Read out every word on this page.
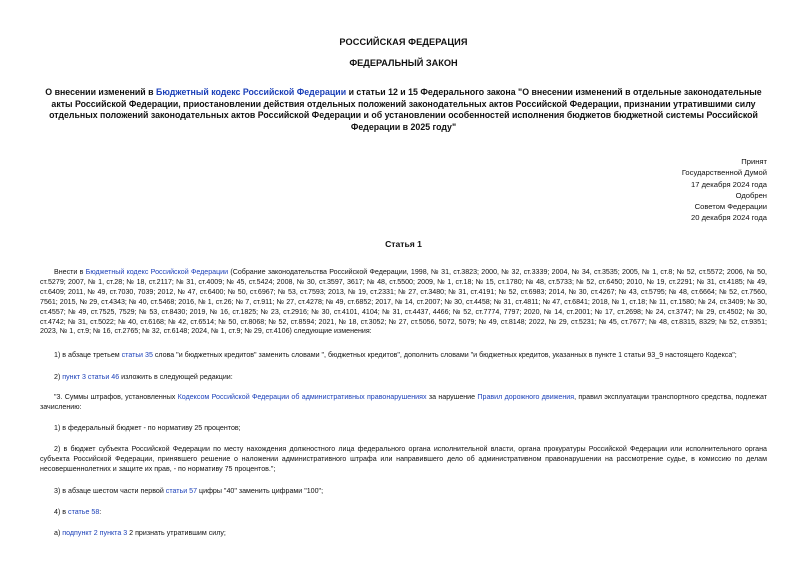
РОССИЙСКАЯ ФЕДЕРАЦИЯ
ФЕДЕРАЛЬНЫЙ ЗАКОН
О внесении изменений в Бюджетный кодекс Российской Федерации и статьи 12 и 15 Федерального закона "О внесении изменений в отдельные законодательные акты Российской Федерации, приостановлении действия отдельных положений законодательных актов Российской Федерации, признании утратившими силу отдельных положений законодательных актов Российской Федерации и об установлении особенностей исполнения бюджетов бюджетной системы Российской Федерации в 2025 году"
Принят
Государственной Думой
17 декабря 2024 года
Одобрен
Советом Федерации
20 декабря 2024 года
Статья 1
Внести в Бюджетный кодекс Российской Федерации (Собрание законодательства Российской Федерации, 1998, № 31, ст.3823; 2000, № 32, ст.3339; 2004, № 34, ст.3535; 2005, № 1, ст.8; № 52, ст.5572; 2006, № 50, ст.5279; 2007, № 1, ст.28; № 18, ст.2117; № 31, ст.4009; № 45, ст.5424; 2008, № 30, ст.3597, 3617; № 48, ст.5500; 2009, № 1, ст.18; № 15, ст.1780; № 48, ст.5733; № 52, ст.6450; 2010, № 19, ст.2291; № 31, ст.4185; № 49, ст.6409; 2011, № 49, ст.7030, 7039; 2012, № 47, ст.6400; № 50, ст.6967; № 53, ст.7593; 2013, № 19, ст.2331; № 27, ст.3480; № 31, ст.4191; № 52, ст.6983; 2014, № 30, ст.4267; № 43, ст.5795; № 48, ст.6664; № 52, ст.7560, 7561; 2015, № 29, ст.4343; № 40, ст.5468; 2016, № 1, ст.26; № 7, ст.911; № 27, ст.4278; № 49, ст.6852; 2017, № 14, ст.2007; № 30, ст.4458; № 31, ст.4811; № 47, ст.6841; 2018, № 1, ст.18; № 11, ст.1580; № 24, ст.3409; № 30, ст.4557; № 49, ст.7525, 7529; № 53, ст.8430; 2019, № 16, ст.1825; № 23, ст.2916; № 30, ст.4101, 4104; № 31, ст.4437, 4466; № 52, ст.7774, 7797; 2020, № 14, ст.2001; № 17, ст.2698; № 24, ст.3747; № 29, ст.4502; № 30, ст.4742; № 31, ст.5022; № 40, ст.6168; № 42, ст.6514; № 50, ст.8068; № 52, ст.8594; 2021, № 18, ст.3052; № 27, ст.5056, 5072, 5079; № 49, ст.8148; 2022, № 29, ст.5231; № 45, ст.7677; № 48, ст.8315, 8329; № 52, ст.9351; 2023, № 1, ст.9; № 16, ст.2765; № 32, ст.6148; 2024, № 1, ст.9; № 29, ст.4106) следующие изменения:
1) в абзаце третьем статьи 35 слова "и бюджетных кредитов" заменить словами ", бюджетных кредитов", дополнить словами "и бюджетных кредитов, указанных в пункте 1 статьи 93_9 настоящего Кодекса";
2) пункт 3 статьи 46 изложить в следующей редакции:
"3. Суммы штрафов, установленных Кодексом Российской Федерации об административных правонарушениях за нарушение Правил дорожного движения, правил эксплуатации транспортного средства, подлежат зачислению:
1) в федеральный бюджет - по нормативу 25 процентов;
2) в бюджет субъекта Российской Федерации по месту нахождения должностного лица федерального органа исполнительной власти, органа прокуратуры Российской Федерации или исполнительного органа субъекта Российской Федерации, принявшего решение о наложении административного штрафа или направившего дело об административном правонарушении на рассмотрение судье, в комиссию по делам несовершеннолетних и защите их прав, - по нормативу 75 процентов.";
3) в абзаце шестом части первой статьи 57 цифры "40" заменить цифрами "100";
4) в статье 58:
а) подпункт 2 пункта 3 2 признать утратившим силу;
